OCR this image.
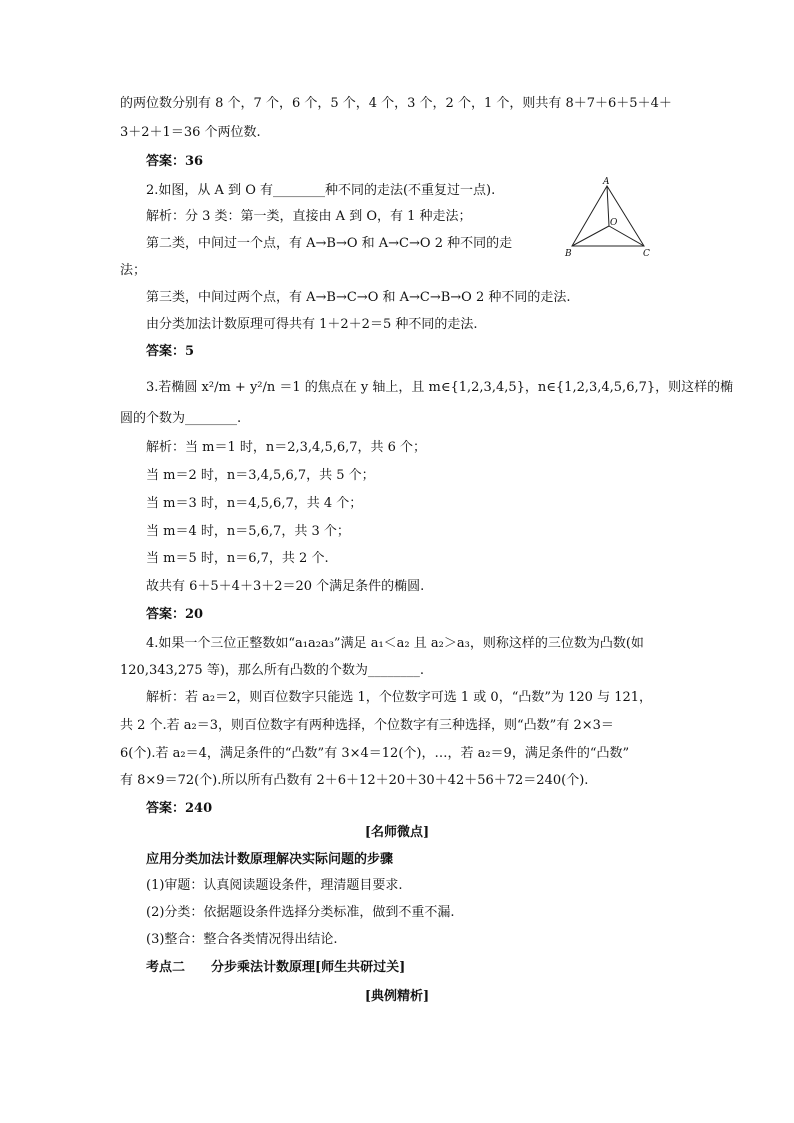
的两位数分别有 8 个，7 个，6 个，5 个，4 个，3 个，2 个，1 个，则共有 8＋7＋6＋5＋4＋
3＋2＋1＝36 个两位数.
答案：36
2.如图，从 A 到 O 有________种不同的走法(不重复过一点).
解析：分 3 类：第一类，直接由 A 到 O，有 1 种走法；
第二类，中间过一个点，有 A→B→O 和 A→C→O 2 种不同的走
法；
第三类，中间过两个点，有 A→B→C→O 和 A→C→B→O 2 种不同的走法.
由分类加法计数原理可得共有 1＋2＋2＝5 种不同的走法.
答案：5
3.若椭圆 x²/m + y²/n ＝1 的焦点在 y 轴上，且 m∈{1,2,3,4,5}，n∈{1,2,3,4,5,6,7}，则这样的椭
圆的个数为________.
解析：当 m＝1 时，n＝2,3,4,5,6,7，共 6 个；
当 m＝2 时，n＝3,4,5,6,7，共 5 个；
当 m＝3 时，n＝4,5,6,7，共 4 个；
当 m＝4 时，n＝5,6,7，共 3 个；
当 m＝5 时，n＝6,7，共 2 个.
故共有 6＋5＋4＋3＋2＝20 个满足条件的椭圆.
答案：20
4.如果一个三位正整数如“a₁a₂a₃”满足 a₁＜a₂ 且 a₂＞a₃，则称这样的三位数为凸数(如
120,343,275 等)，那么所有凸数的个数为________.
解析：若 a₂＝2，则百位数字只能选 1，个位数字可选 1 或 0，“凸数”为 120 与 121，
共 2 个.若 a₂＝3，则百位数字有两种选择，个位数字有三种选择，则“凸数”有 2×3＝
6(个).若 a₂＝4，满足条件的“凸数”有 3×4＝12(个)，…，若 a₂＝9，满足条件的“凸数”
有 8×9＝72(个).所以所有凸数有 2＋6＋12＋20＋30＋42＋56＋72＝240(个).
答案：240
[名师微点]
应用分类加法计数原理解决实际问题的步骤
(1)审题：认真阅读题设条件，理清题目要求.
(2)分类：依据题设条件选择分类标准，做到不重不漏.
(3)整合：整合各类情况得出结论.
考点二　　分步乘法计数原理[师生共研过关]
[典例精析]
A
O
B	C
